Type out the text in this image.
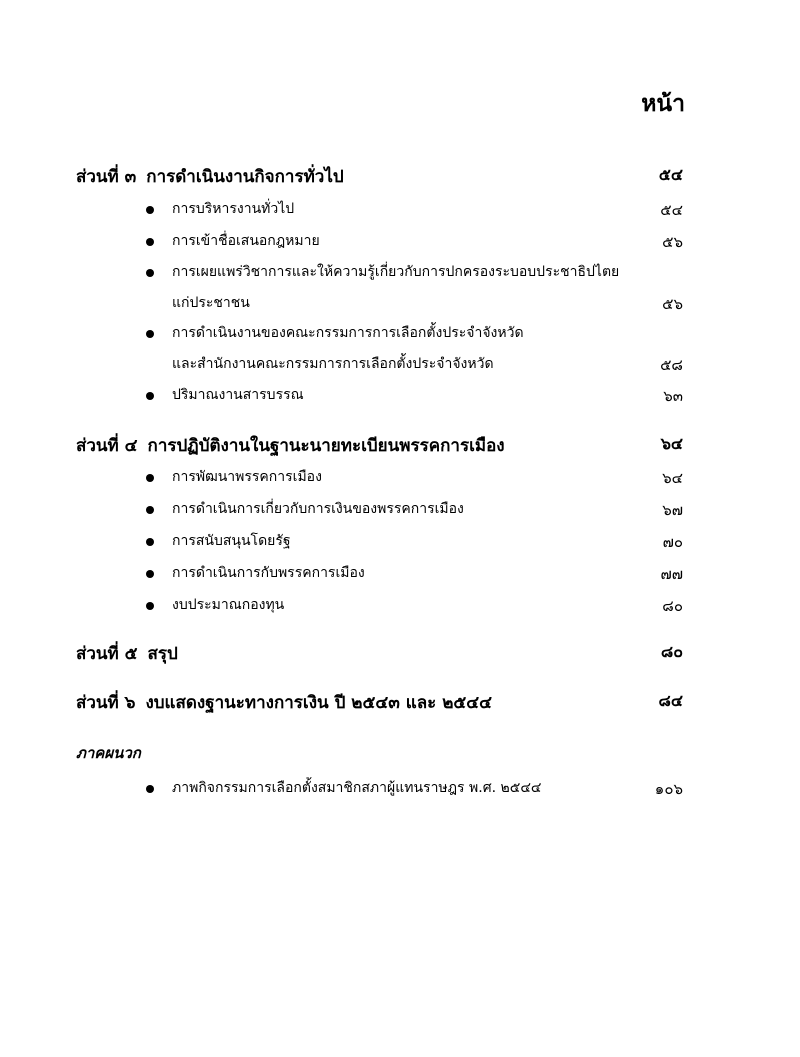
หน้า
ส่วนที่ ๓ การดำเนินงานกิจการทั่วไป	๕๔
การบริหารงานทั่วไป	๕๔
การเข้าชื่อเสนอกฎหมาย	๕๖
การเผยแพร่วิชาการและให้ความรู้เกี่ยวกับการปกครองระบอบประชาธิปไตย
แก่ประชาชน	๕๖
การดำเนินงานของคณะกรรมการการเลือกตั้งประจำจังหวัด
และสำนักงานคณะกรรมการการเลือกตั้งประจำจังหวัด	๕๘
ปริมาณงานสารบรรณ	๖๓
ส่วนที่ ๔ การปฏิบัติงานในฐานะนายทะเบียนพรรคการเมือง	๖๔
การพัฒนาพรรคการเมือง	๖๔
การดำเนินการเกี่ยวกับการเงินของพรรคการเมือง	๖๗
การสนับสนุนโดยรัฐ	๗๐
การดำเนินการกับพรรคการเมือง	๗๗
งบประมาณกองทุน	๘๐
ส่วนที่ ๕ สรุป	๘๐
ส่วนที่ ๖ งบแสดงฐานะทางการเงิน ปี ๒๕๔๓ และ ๒๕๔๔	๘๔
ภาคผนวก
ภาพกิจกรรมการเลือกตั้งสมาชิกสภาผู้แทนราษฎร พ.ศ. ๒๕๔๔	๑๐๖
